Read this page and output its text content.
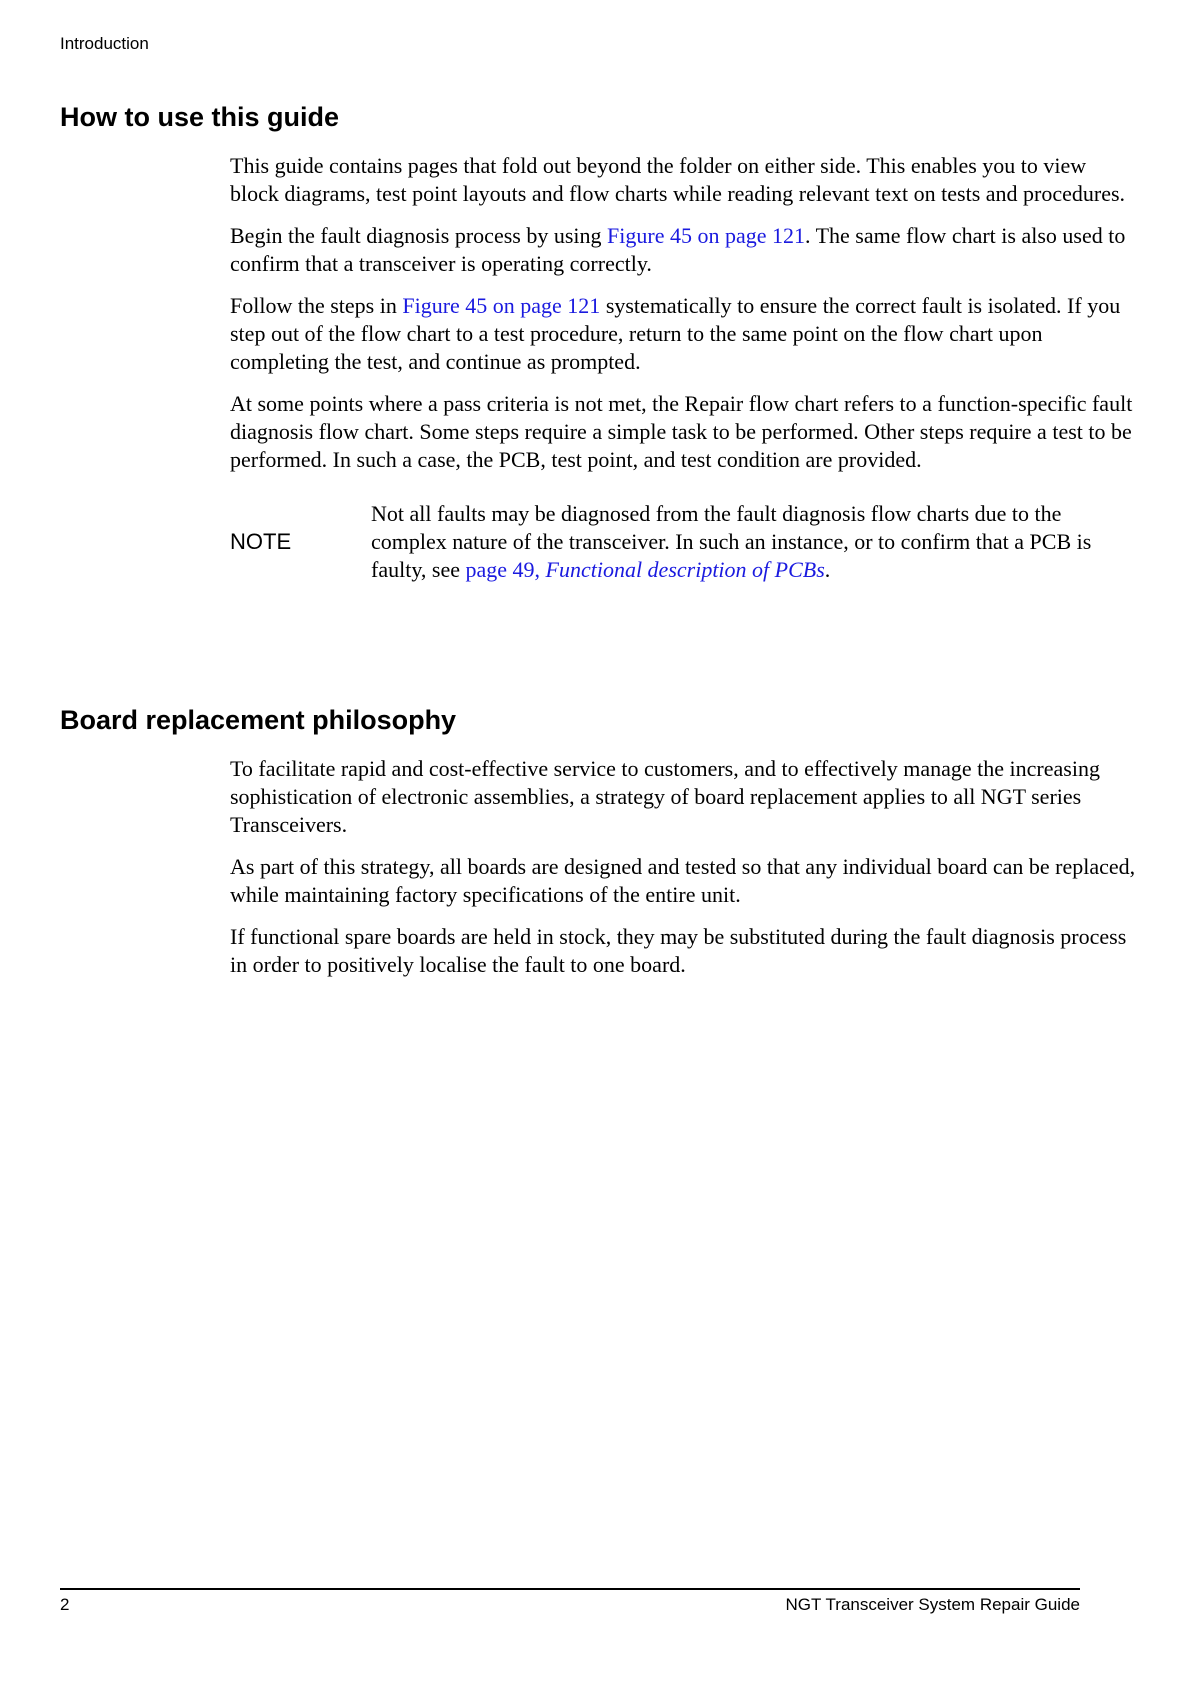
Introduction
How to use this guide

This guide contains pages that fold out beyond the folder on either side. This enables you to view block diagrams, test point layouts and flow charts while reading relevant text on tests and procedures.

Begin the fault diagnosis process by using Figure 45 on page 121. The same flow chart is also used to confirm that a transceiver is operating correctly.

Follow the steps in Figure 45 on page 121 systematically to ensure the correct fault is isolated. If you step out of the flow chart to a test procedure, return to the same point on the flow chart upon completing the test, and continue as prompted.

At some points where a pass criteria is not met, the Repair flow chart refers to a function-specific fault diagnosis flow chart. Some steps require a simple task to be performed. Other steps require a test to be performed. In such a case, the PCB, test point, and test condition are provided.

NOTE

Not all faults may be diagnosed from the fault diagnosis flow charts due to the complex nature of the transceiver. In such an instance, or to confirm that a PCB is faulty, see page 49, Functional description of PCBs.

Board replacement philosophy

To facilitate rapid and cost-effective service to customers, and to effectively manage the increasing sophistication of electronic assemblies, a strategy of board replacement applies to all NGT series Transceivers.

As part of this strategy, all boards are designed and tested so that any individual board can be replaced, while maintaining factory specifications of the entire unit.

If functional spare boards are held in stock, they may be substituted during the fault diagnosis process in order to positively localise the fault to one board.

2	NGT Transceiver System Repair Guide
